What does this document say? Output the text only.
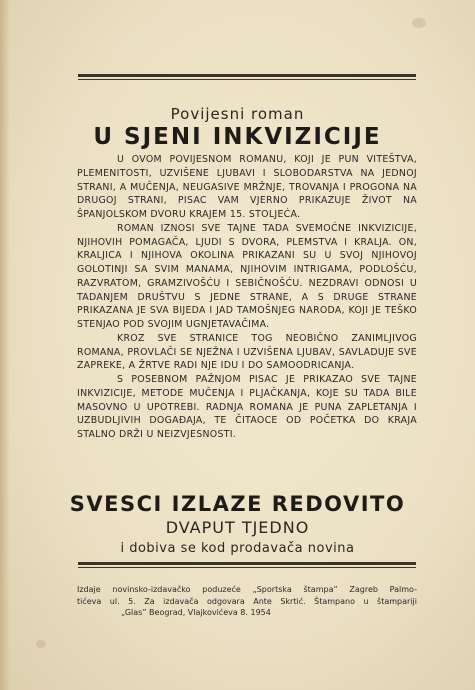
Povijesni roman
U SJENI INKVIZICIJE

U OVOM POVIJESNOM ROMANU, KOJI JE PUN VITEŠTVA, PLEMENITOSTI, UZVIŠENE LJUBAVI I SLOBODARSTVA NA JEDNOJ STRANI, A MUČENJA, NEUGASIVE MRŽNJE, TROVANJA I PROGONA NA DRUGOJ STRANI, PISAC VAM VJERNO PRIKAZUJE ŽIVOT NA ŠPANJOLSKOM DVORU KRAJEM 15. STOLJEĆA.

ROMAN IZNOSI SVE TAJNE TADA SVEMOĆNE INKVIZICIJE, NJIHOVIH POMAGAČA, LJUDI S DVORA, PLEMSTVA I KRALJA. ON, KRALJICA I NJIHOVA OKOLINA PRIKAZANI SU U SVOJ NJIHOVOJ GOLOTINJI SA SVIM MANAMA, NJIHOVIM INTRIGAMA, PODLOŠĆU, RAZVRATOM, GRAMZIVOŠĆU I SEBIČNOŠĆU. NEZDRAVI ODNOSI U TADANJEM DRUŠTVU S JEDNE STRANE, A S DRUGE STRANE PRIKAZANA JE SVA BIJEDA I JAD TAMOŠNJEG NARODA, KOJI JE TEŠKO STENJAO POD SVOJIM UGNJETAVAČIMA.

KROZ SVE STRANICE TOG NEOBIČNO ZANIMLJIVOG ROMANA, PROVLAČI SE NJEŽNA I UZVIŠENA LJUBAV, SAVLADUJE SVE ZAPREKE, A ŽRTVE RADI NJE IDU I DO SAMOODRICANJA.

S POSEBNOM PAŽNJOM PISAC JE PRIKAZAO SVE TAJNE INKVIZICIJE, METODE MUČENJA I PLJAČKANJA, KOJE SU TADA BILE MASOVNO U UPOTREBI. RADNJA ROMANA JE PUNA ZAPLETANJA I UZBUDLJIVIH DOGAĐAJA, TE ČITAOCE OD POČETKA DO KRAJA STALNO DRŽI U NEIZVJESNOSTI.

SVESCI IZLAZE REDOVITO
DVAPUT TJEDNO
i dobiva se kod prodavača novina
Izdaje novinsko-izdavačko poduzeće „Sportska štampa” Zagreb Palmo-
tićeva ul. 5. Za izdavača odgovara Ante Skrtić. Štampano u štampariji
„Glas” Beograd, Vlajkovićeva 8. 1954
